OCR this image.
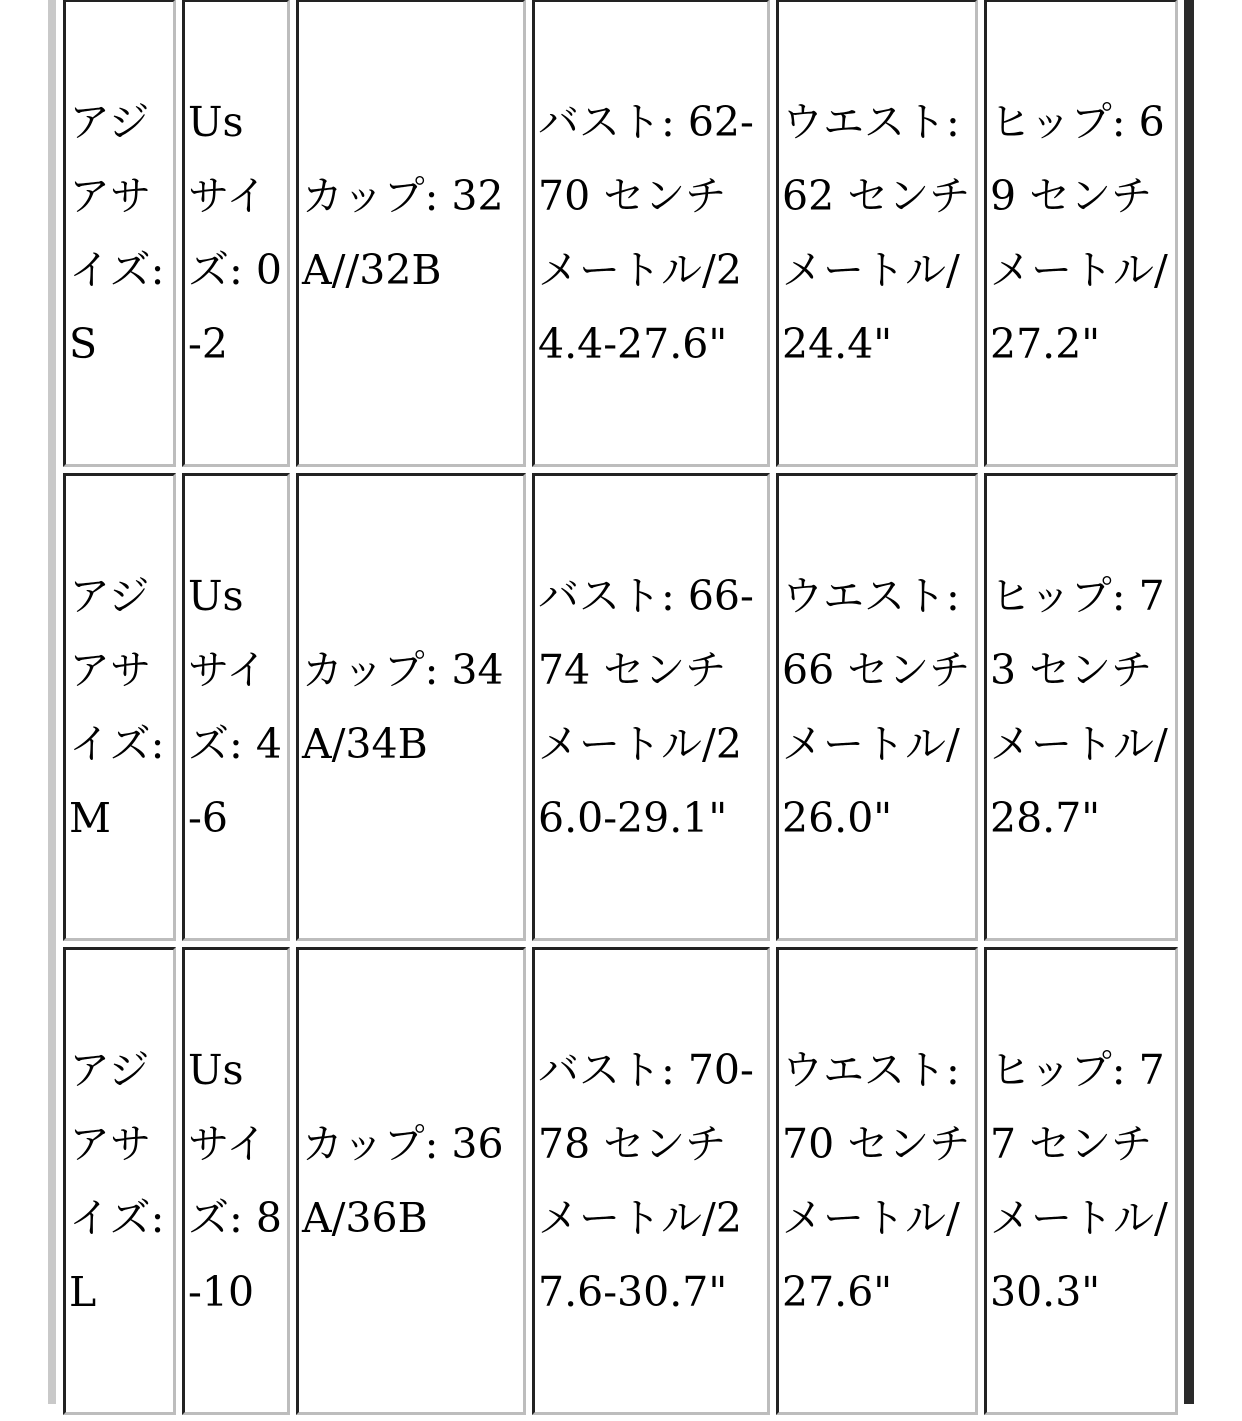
アジアサイズ: S	Us サイズ: 0-2	カップ: 32A//32B	バスト: 62-70 センチメートル/24.4-27.6"	ウエスト: 62 センチメートル/24.4"	ヒップ: 69 センチメートル/27.2"

アジアサイズ: M	Us サイズ: 4-6	カップ: 34A/34B	バスト: 66-74 センチメートル/26.0-29.1"	ウエスト: 66 センチメートル/26.0"	ヒップ: 73 センチメートル/28.7"

アジアサイズ: L	Us サイズ: 8-10	カップ: 36A/36B	バスト: 70-78 センチメートル/27.6-30.7"	ウエスト: 70 センチメートル/27.6"	ヒップ: 77 センチメートル/30.3"
